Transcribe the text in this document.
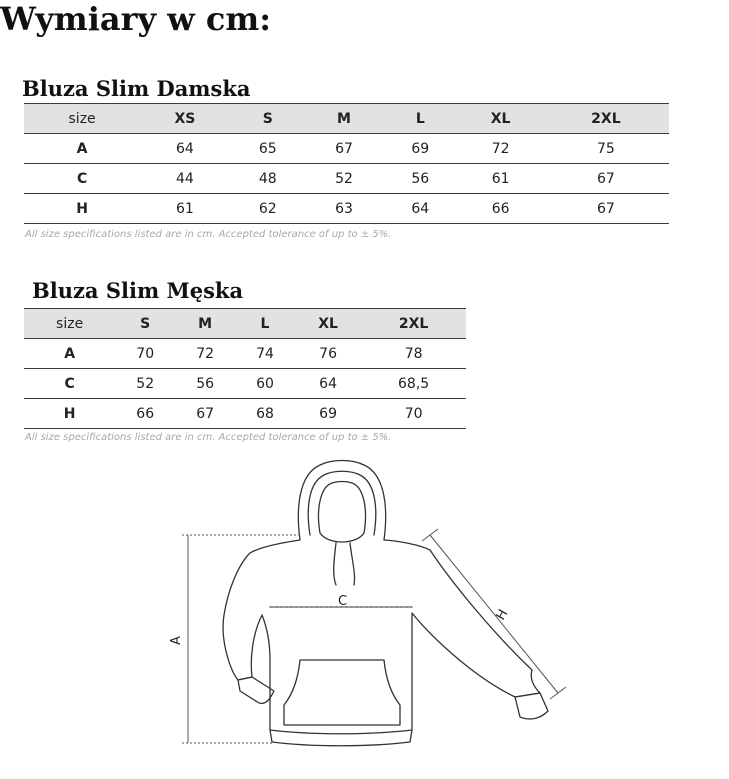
Wymiary w cm:
Bluza Slim Damska
size	XS	S	M	L	XL	2XL
A	64	65	67	69	72	75
C	44	48	52	56	61	67
H	61	62	63	64	66	67

All size specifications listed are in cm. Accepted tolerance of up to ± 5%.

Bluza Slim Męska
size	S	M	L	XL	2XL
A	70	72	74	76	78
C	52	56	60	64	68,5
H	66	67	68	69	70

All size specifications listed are in cm. Accepted tolerance of up to ± 5%.

A
C
H
